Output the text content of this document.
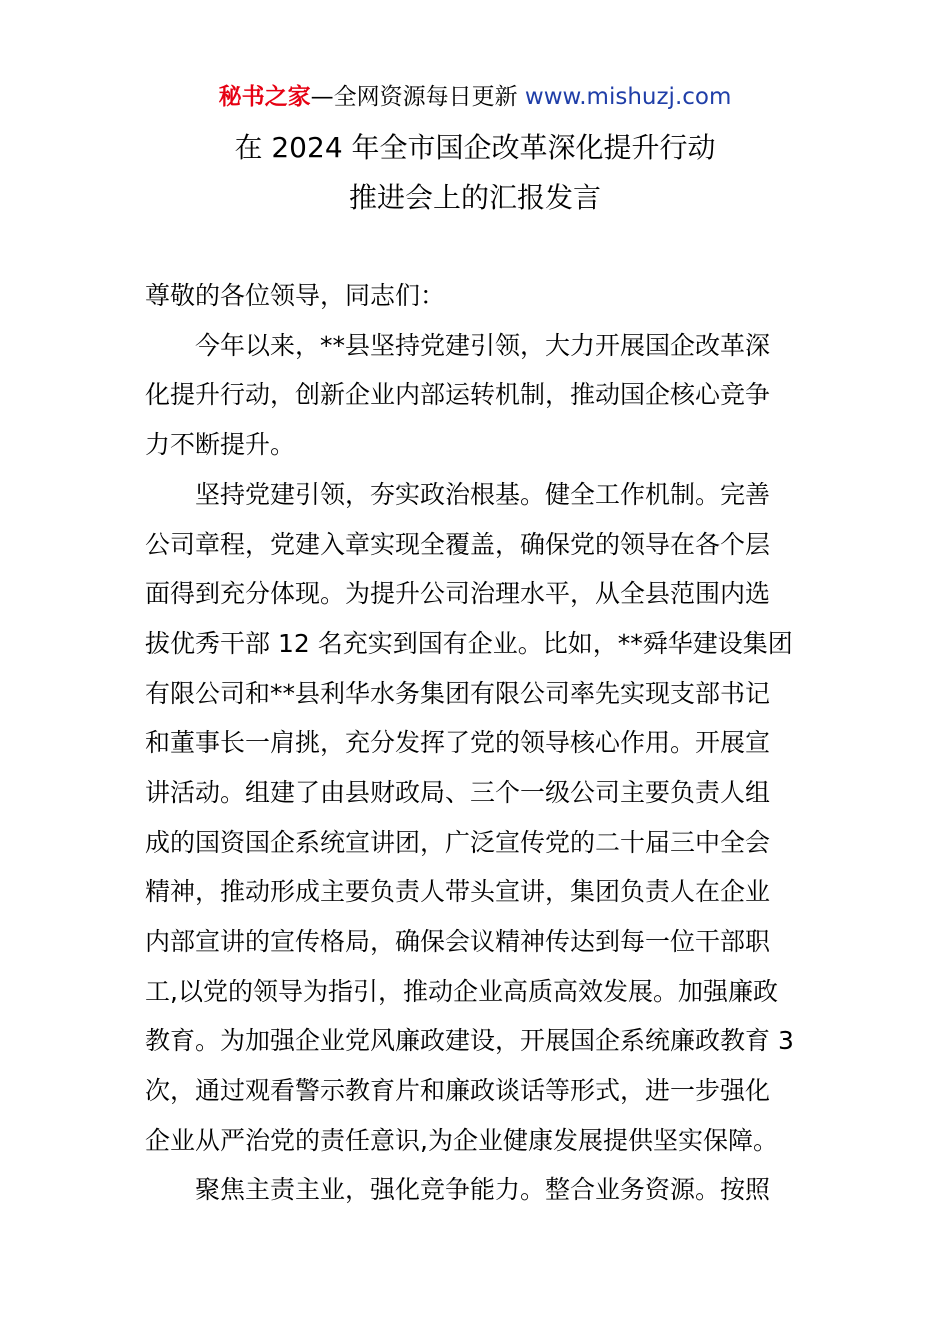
秘书之家—全网资源每日更新 www.mishuzj.com
在 2024 年全市国企改革深化提升行动
推进会上的汇报发言
尊敬的各位领导，同志们：
　　今年以来，**县坚持党建引领，大力开展国企改革深
化提升行动，创新企业内部运转机制，推动国企核心竞争
力不断提升。
　　坚持党建引领，夯实政治根基。健全工作机制。完善
公司章程，党建入章实现全覆盖，确保党的领导在各个层
面得到充分体现。为提升公司治理水平，从全县范围内选
拔优秀干部 12 名充实到国有企业。比如，**舜华建设集团
有限公司和**县利华水务集团有限公司率先实现支部书记
和董事长一肩挑，充分发挥了党的领导核心作用。开展宣
讲活动。组建了由县财政局、三个一级公司主要负责人组
成的国资国企系统宣讲团，广泛宣传党的二十届三中全会
精神，推动形成主要负责人带头宣讲，集团负责人在企业
内部宣讲的宣传格局，确保会议精神传达到每一位干部职
工,以党的领导为指引，推动企业高质高效发展。加强廉政
教育。为加强企业党风廉政建设，开展国企系统廉政教育 3
次，通过观看警示教育片和廉政谈话等形式，进一步强化
企业从严治党的责任意识,为企业健康发展提供坚实保障。
　　聚焦主责主业，强化竞争能力。整合业务资源。按照
